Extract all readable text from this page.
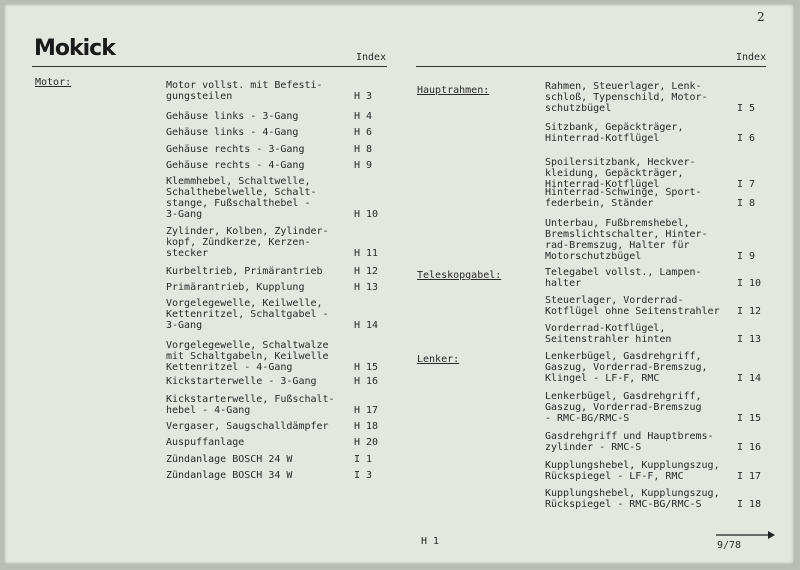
2
Mokick	Index	Index
Motor:	Motor vollst. mit Befesti-
gungsteilen	H 3
Gehäuse links - 3-Gang	H 4
Gehäuse links - 4-Gang	H 6
Gehäuse rechts - 3-Gang	H 8
Gehäuse rechts - 4-Gang	H 9
Klemmhebel, Schaltwelle,
Schalthebelwelle, Schalt-
stange, Fußschalthebel -
3-Gang	H 10
Zylinder, Kolben, Zylinder-
kopf, Zündkerze, Kerzen-
stecker	H 11
Kurbeltrieb, Primärantrieb	H 12
Primärantrieb, Kupplung	H 13
Vorgelegewelle, Keilwelle,
Kettenritzel, Schaltgabel -
3-Gang	H 14
Vorgelegewelle, Schaltwalze
mit Schaltgabeln, Keilwelle
Kettenritzel - 4-Gang	H 15
Kickstarterwelle - 3-Gang	H 16
Kickstarterwelle, Fußschalt-
hebel - 4-Gang	H 17
Vergaser, Saugschalldämpfer	H 18
Auspuffanlage	H 20
Zündanlage BOSCH 24 W	I 1
Zündanlage BOSCH 34 W	I 3
Hauptrahmen:	Rahmen, Steuerlager, Lenk-
schloß, Typenschild, Motor-
schutzbügel	I 5
Sitzbank, Gepäckträger,
Hinterrad-Kotflügel	I 6
Spoilersitzbank, Heckver-
kleidung, Gepäckträger,
Hinterrad-Kotflügel	I 7
Hinterrad-Schwinge, Sport-
federbein, Ständer	I 8
Unterbau, Fußbremshebel,
Bremslichtschalter, Hinter-
rad-Bremszug, Halter für
Motorschutzbügel	I 9
Teleskopgabel:	Telegabel vollst., Lampen-
halter	I 10
Steuerlager, Vorderrad-
Kotflügel ohne Seitenstrahler I 12
Vorderrad-Kotflügel,
Seitenstrahler hinten	I 13
Lenker:	Lenkerbügel, Gasdrehgriff,
Gaszug, Vorderrad-Bremszug,
Klingel - LF-F, RMC	I 14
Lenkerbügel, Gasdrehgriff,
Gaszug, Vorderrad-Bremszug
- RMC-BG/RMC-S	I 15
Gasdrehgriff und Hauptbrems-
zylinder - RMC-S	I 16
Kupplungshebel, Kupplungszug,
Rückspiegel - LF-F, RMC	I 17
Kupplungshebel, Kupplungszug,
Rückspiegel - RMC-BG/RMC-S	I 18
H 1	9/78
